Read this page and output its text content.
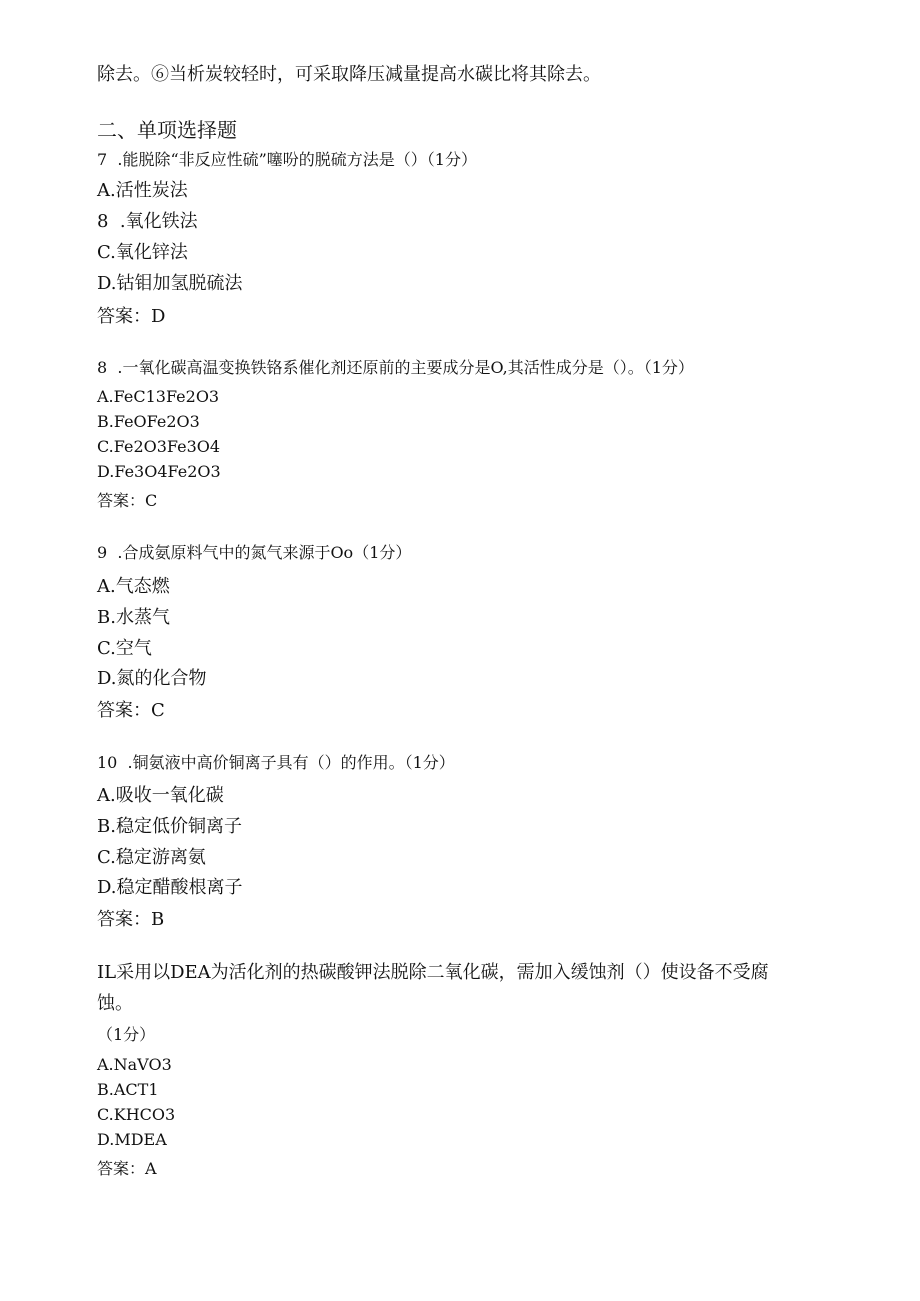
除去。⑥当析炭较轻时，可采取降压减量提高水碳比将其除去。
二、单项选择题
7  .能脱除“非反应性硫”噻吩的脱硫方法是（）（1分）
A.活性炭法
8  .氧化铁法
C.氧化锌法
D.钴钼加氢脱硫法
答案：D
8  .一氧化碳高温变换铁铬系催化剂还原前的主要成分是O,其活性成分是（）。（1分）
A.FeC13Fe2O3
B.FeOFe2O3
C.Fe2O3Fe3O4
D.Fe3O4Fe2O3
答案：C
9  .合成氨原料气中的氮气来源于Oo（1分）
A.气态燃
B.水蒸气
C.空气
D.氮的化合物
答案：C
10  .铜氨液中高价铜离子具有（）的作用。（1分）
A.吸收一氧化碳
B.稳定低价铜离子
C.稳定游离氨
D.稳定醋酸根离子
答案：B
IL采用以DEA为活化剂的热碳酸钾法脱除二氧化碳，需加入缓蚀剂（）使设备不受腐
蚀。
（1分）
A.NaVO3
B.ACT1
C.KHCO3
D.MDEA
答案：A
